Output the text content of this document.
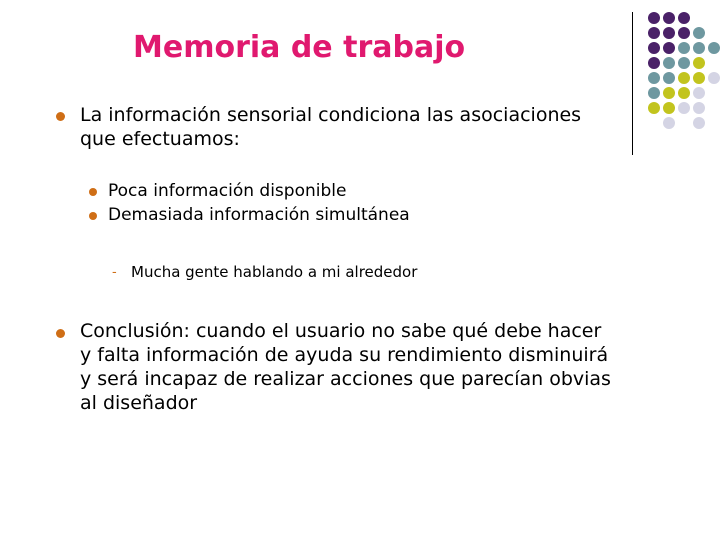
Memoria de trabajo
La información sensorial condiciona las asociaciones
que efectuamos:
Poca información disponible
Demasiada información simultánea
- Mucha gente hablando a mi alrededor
Conclusión: cuando el usuario no sabe qué debe hacer
y falta información de ayuda su rendimiento disminuirá
y será incapaz de realizar acciones que parecían obvias
al diseñador
